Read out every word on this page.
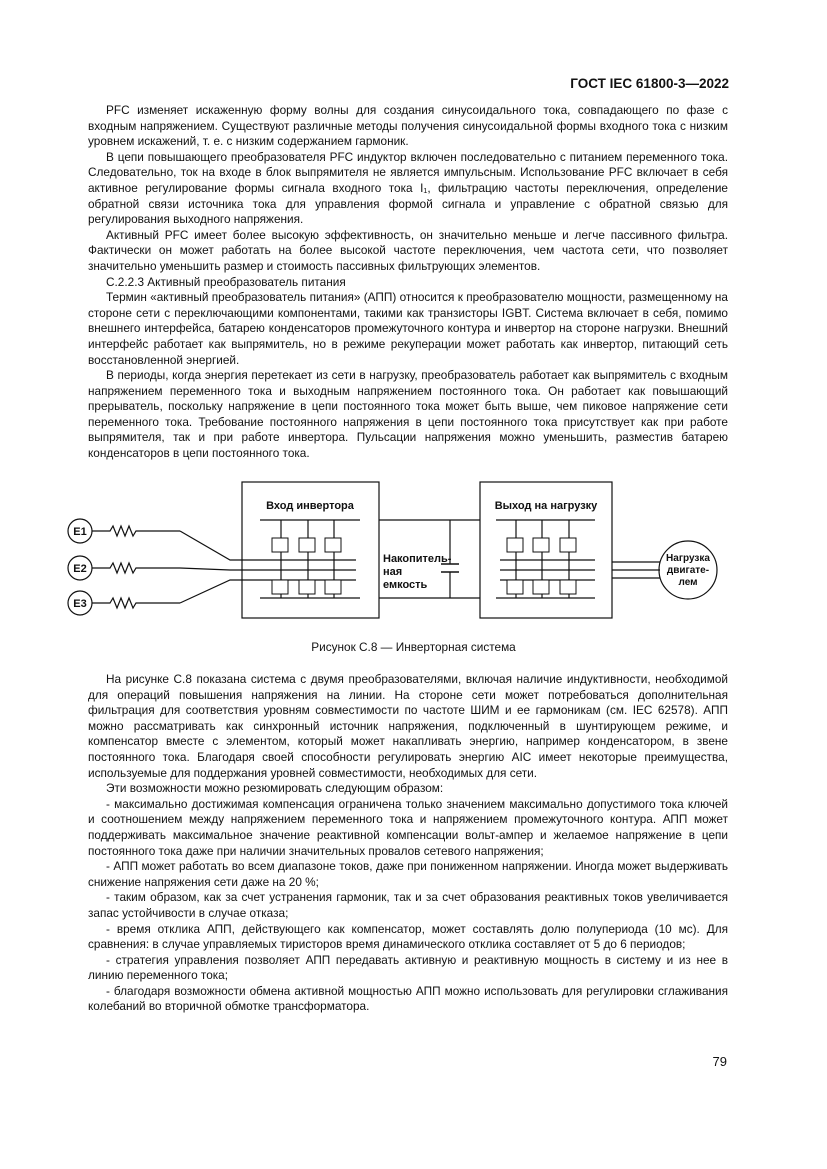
ГОСТ IEC 61800-3—2022

PFC изменяет искаженную форму волны для создания синусоидального тока, совпадающего по фазе с входным напряжением. Существуют различные методы получения синусоидальной формы входного тока с низким уровнем искажений, т. е. с низким содержанием гармоник.

В цепи повышающего преобразователя PFC индуктор включен последовательно с питанием переменного тока. Следовательно, ток на входе в блок выпрямителя не является импульсным. Использование PFC включает в себя активное регулирование формы сигнала входного тока I₁, фильтрацию частоты переключения, определение обратной связи источника тока для управления формой сигнала и управление с обратной связью для регулирования выходного напряжения.

Активный PFC имеет более высокую эффективность, он значительно меньше и легче пассивного фильтра. Фактически он может работать на более высокой частоте переключения, чем частота сети, что позволяет значительно уменьшить размер и стоимость пассивных фильтрующих элементов.

С.2.2.3 Активный преобразователь питания

Термин «активный преобразователь питания» (АПП) относится к преобразователю мощности, размещенному на стороне сети с переключающими компонентами, такими как транзисторы IGBT. Система включает в себя, помимо внешнего интерфейса, батарею конденсаторов промежуточного контура и инвертор на стороне нагрузки. Внешний интерфейс работает как выпрямитель, но в режиме рекуперации может работать как инвертор, питающий сеть восстановленной энергией.

В периоды, когда энергия перетекает из сети в нагрузку, преобразователь работает как выпрямитель с входным напряжением переменного тока и выходным напряжением постоянного тока. Он работает как повышающий прерыватель, поскольку напряжение в цепи постоянного тока может быть выше, чем пиковое напряжение сети переменного тока. Требование постоянного напряжения в цепи постоянного тока присутствует как при работе выпрямителя, так и при работе инвертора. Пульсации напряжения можно уменьшить, разместив батарею конденсаторов в цепи постоянного тока.

E1
E2
E3
Вход инвертора	Выход на нагрузку
Накопитель-
ная
емкость
Нагрузка
двигате-
лем
Рисунок С.8 — Инверторная система

На рисунке С.8 показана система с двумя преобразователями, включая наличие индуктивности, необходимой для операций повышения напряжения на линии. На стороне сети может потребоваться дополнительная фильтрация для соответствия уровням совместимости по частоте ШИМ и ее гармоникам (см. IEC 62578). АПП можно рассматривать как синхронный источник напряжения, подключенный в шунтирующем режиме, и компенсатор вместе с элементом, который может накапливать энергию, например конденсатором, в звене постоянного тока. Благодаря своей способности регулировать энергию AIC имеет некоторые преимущества, используемые для поддержания уровней совместимости, необходимых для сети.

Эти возможности можно резюмировать следующим образом:

- максимально достижимая компенсация ограничена только значением максимально допустимого тока ключей и соотношением между напряжением переменного тока и напряжением промежуточного контура. АПП может поддерживать максимальное значение реактивной компенсации вольт-ампер и желаемое напряжение в цепи постоянного тока даже при наличии значительных провалов сетевого напряжения;

- АПП может работать во всем диапазоне токов, даже при пониженном напряжении. Иногда может выдерживать снижение напряжения сети даже на 20 %;

- таким образом, как за счет устранения гармоник, так и за счет образования реактивных токов увеличивается запас устойчивости в случае отказа;

- время отклика АПП, действующего как компенсатор, может составлять долю полупериода (10 мс). Для сравнения: в случае управляемых тиристоров время динамического отклика составляет от 5 до 6 периодов;

- стратегия управления позволяет АПП передавать активную и реактивную мощность в систему и из нее в линию переменного тока;

- благодаря возможности обмена активной мощностью АПП можно использовать для регулировки сглаживания колебаний во вторичной обмотке трансформатора.

79
